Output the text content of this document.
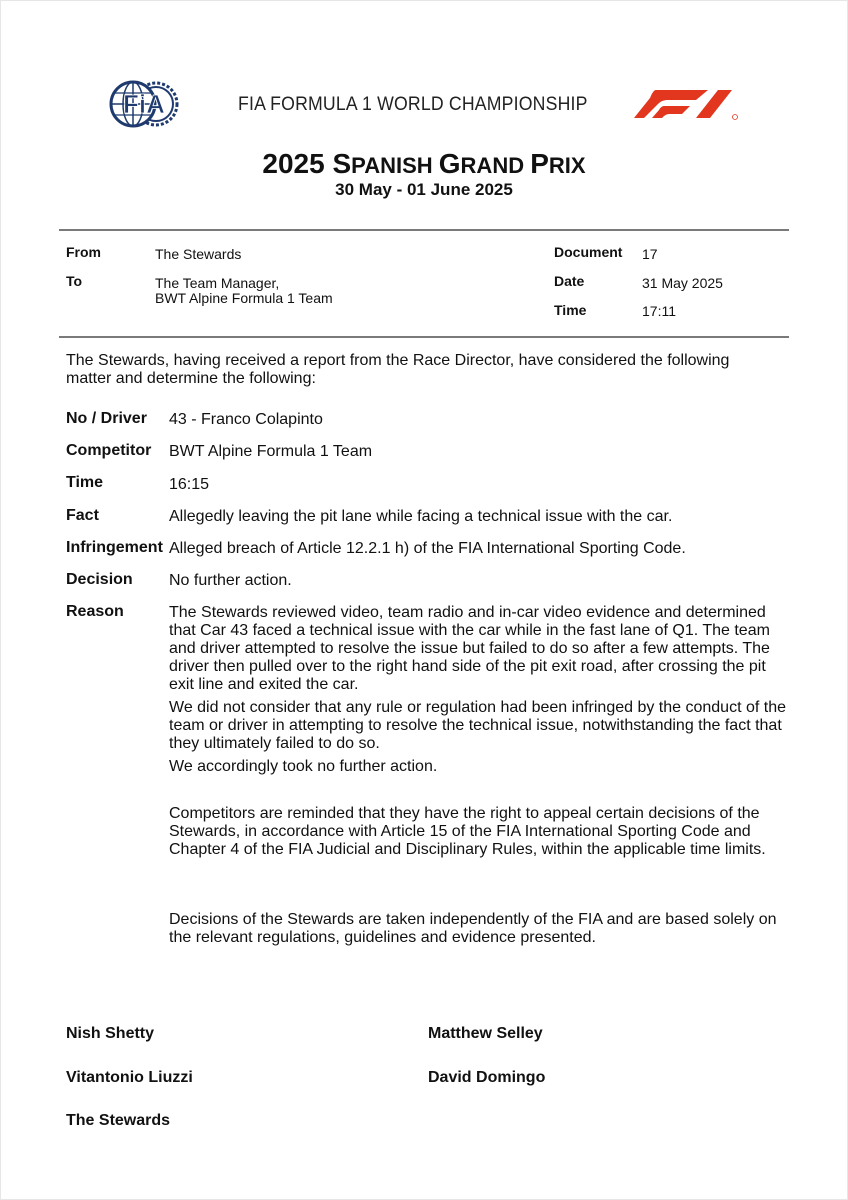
FiA	FIA FORMULA 1 WORLD CHAMPIONSHIP
2025 SPANISH GRAND PRIX
30 May - 01 June 2025
From	The Stewards
To	The Team Manager,
BWT Alpine Formula 1 Team
Document 17
Date	31 May 2025
Time	17:11
The Stewards, having received a report from the Race Director, have considered the following matter and determine the following:
No / Driver 43 - Franco Colapinto
Competitor BWT Alpine Formula 1 Team
Time	16:15
Fact	Allegedly leaving the pit lane while facing a technical issue with the car.
Infringement Alleged breach of Article 12.2.1 h) of the FIA International Sporting Code.
Decision No further action.
Reason	The Stewards reviewed video, team radio and in-car video evidence and determined that Car 43 faced a technical issue with the car while in the fast lane of Q1. The team and driver attempted to resolve the issue but failed to do so after a few attempts. The driver then pulled over to the right hand side of the pit exit road, after crossing the pit exit line and exited the car.
We did not consider that any rule or regulation had been infringed by the conduct of the team or driver in attempting to resolve the technical issue, notwithstanding the fact that they ultimately failed to do so.
We accordingly took no further action.
Competitors are reminded that they have the right to appeal certain decisions of the Stewards, in accordance with Article 15 of the FIA International Sporting Code and Chapter 4 of the FIA Judicial and Disciplinary Rules, within the applicable time limits.
Decisions of the Stewards are taken independently of the FIA and are based solely on the relevant regulations, guidelines and evidence presented.
Nish Shetty	Matthew Selley
Vitantonio Liuzzi	David Domingo
The Stewards
